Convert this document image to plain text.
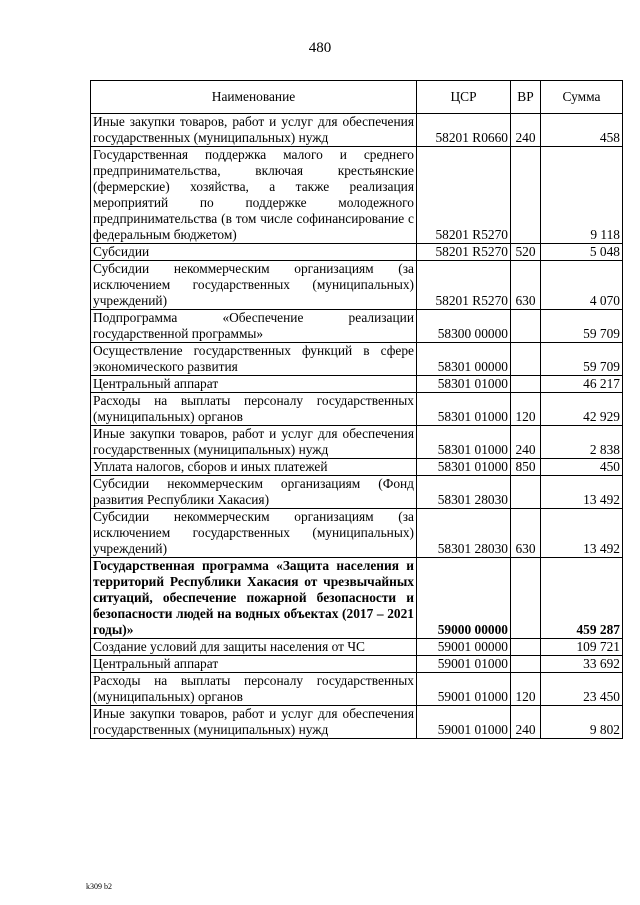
480
Наименование	ЦСР	ВР	Сумма
Иные закупки товаров, работ и услуг для обеспечения государственных (муниципальных) нужд	58201 R0660	240	458
Государственная поддержка малого и среднего предпринимательства, включая крестьянские (фермерские) хозяйства, а также реализация мероприятий по поддержке молодежного предпринимательства (в том числе софинансирование с федеральным бюджетом)	58201 R5270		9 118
Субсидии	58201 R5270	520	5 048
Субсидии некоммерческим организациям (за исключением государственных (муниципальных) учреждений)	58201 R5270	630	4 070
Подпрограмма «Обеспечение реализации государственной программы»	58300 00000		59 709
Осуществление государственных функций в сфере экономического развития	58301 00000		59 709
Центральный аппарат	58301 01000		46 217
Расходы на выплаты персоналу государственных (муниципальных) органов	58301 01000	120	42 929
Иные закупки товаров, работ и услуг для обеспечения государственных (муниципальных) нужд	58301 01000	240	2 838
Уплата налогов, сборов и иных платежей	58301 01000	850	450
Субсидии некоммерческим организациям (Фонд развития Республики Хакасия)	58301 28030		13 492
Субсидии некоммерческим организациям (за исключением государственных (муниципальных) учреждений)	58301 28030	630	13 492
Государственная программа «Защита населения и территорий Республики Хакасия от чрезвычайных ситуаций, обеспечение пожарной безопасности и безопасности людей на водных объектах (2017 – 2021 годы)»	59000 00000		459 287
Создание условий для защиты населения от ЧС	59001 00000		109 721
Центральный аппарат	59001 01000		33 692
Расходы на выплаты персоналу государственных (муниципальных) органов	59001 01000	120	23 450
Иные закупки товаров, работ и услуг для обеспечения государственных (муниципальных) нужд	59001 01000	240	9 802
k309 b2
